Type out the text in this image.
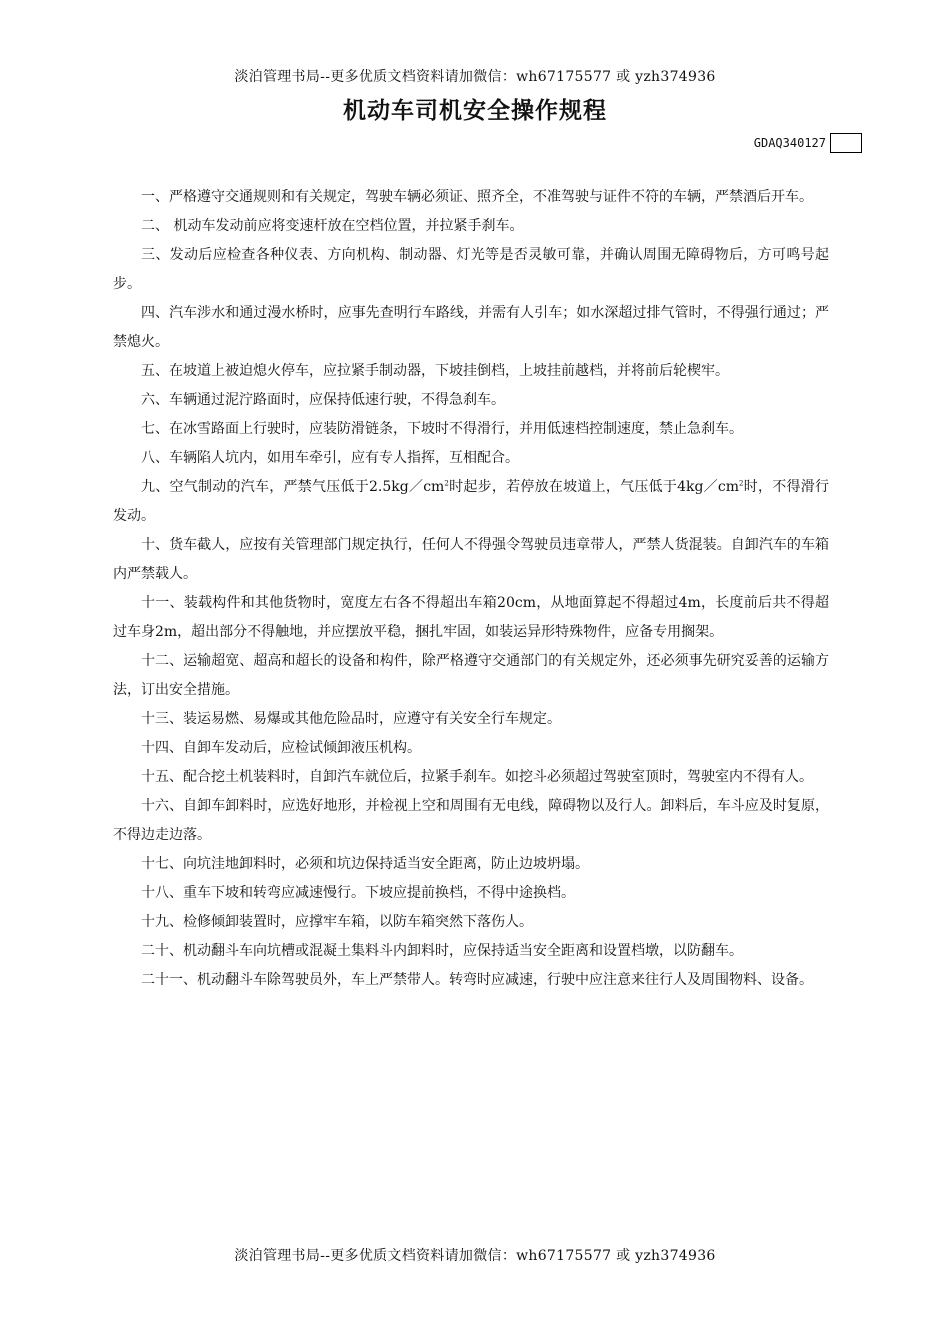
淡泊管理书局--更多优质文档资料请加微信：wh67175577 或 yzh374936
机动车司机安全操作规程
GDAQ340127

一、严格遵守交通规则和有关规定，驾驶车辆必须证、照齐全，不准驾驶与证件不符的车辆，严禁酒后开车。

二、 机动车发动前应将变速杆放在空档位置，并拉紧手刹车。

三、发动后应检查各种仪表、方向机构、制动器、灯光等是否灵敏可靠，并确认周围无障碍物后，方可鸣号起步。

四、汽车涉水和通过漫水桥时，应事先查明行车路线，并需有人引车；如水深超过排气管时，不得强行通过；严禁熄火。

五、在坡道上被迫熄火停车，应拉紧手制动器，下坡挂倒档，上坡挂前越档，并将前后轮楔牢。

六、车辆通过泥泞路面时，应保持低速行驶，不得急刹车。

七、在冰雪路面上行驶时，应装防滑链条，下坡时不得滑行，并用低速档控制速度，禁止急刹车。

八、车辆陷人坑内，如用车牵引，应有专人指挥，互相配合。

九、空气制动的汽车，严禁气压低于$2.5kg/cm^2$时起步，若停放在坡道上，气压低于$4kg/cm^2$时，不得滑行发动。

十、货车截人，应按有关管理部门规定执行，任何人不得强令驾驶员违章带人，严禁人货混装。自卸汽车的车箱内严禁载人。

十一、装载构件和其他货物时，宽度左右各不得超出车箱20cm，从地面算起不得超过4m，长度前后共不得超过车身2m，超出部分不得触地，并应摆放平稳，捆扎牢固，如装运异形特殊物件，应备专用搁架。

十二、运输超宽、超高和超长的设备和构件，除严格遵守交通部门的有关规定外，还必须事先研究妥善的运输方法，订出安全措施。

十三、装运易燃、易爆或其他危险品时，应遵守有关安全行车规定。

十四、自卸车发动后，应检试倾卸液压机构。

十五、配合挖土机装料时，自卸汽车就位后，拉紧手刹车。如挖斗必须超过驾驶室顶时，驾驶室内不得有人。

十六、自卸车卸料时，应选好地形，并检视上空和周围有无电线，障碍物以及行人。卸料后，车斗应及时复原，不得边走边落。

十七、向坑洼地卸料时，必须和坑边保持适当安全距离，防止边坡坍塌。

十八、重车下坡和转弯应减速慢行。下坡应提前换档，不得中途换档。

十九、检修倾卸装置时，应撑牢车箱，以防车箱突然下落伤人。

二十、机动翻斗车向坑槽或混凝土集料斗内卸料时，应保持适当安全距离和设置档墩，以防翻车。

二十一、机动翻斗车除驾驶员外，车上严禁带人。转弯时应减速，行驶中应注意来往行人及周围物料、设备。

淡泊管理书局--更多优质文档资料请加微信：wh67175577 或 yzh374936
